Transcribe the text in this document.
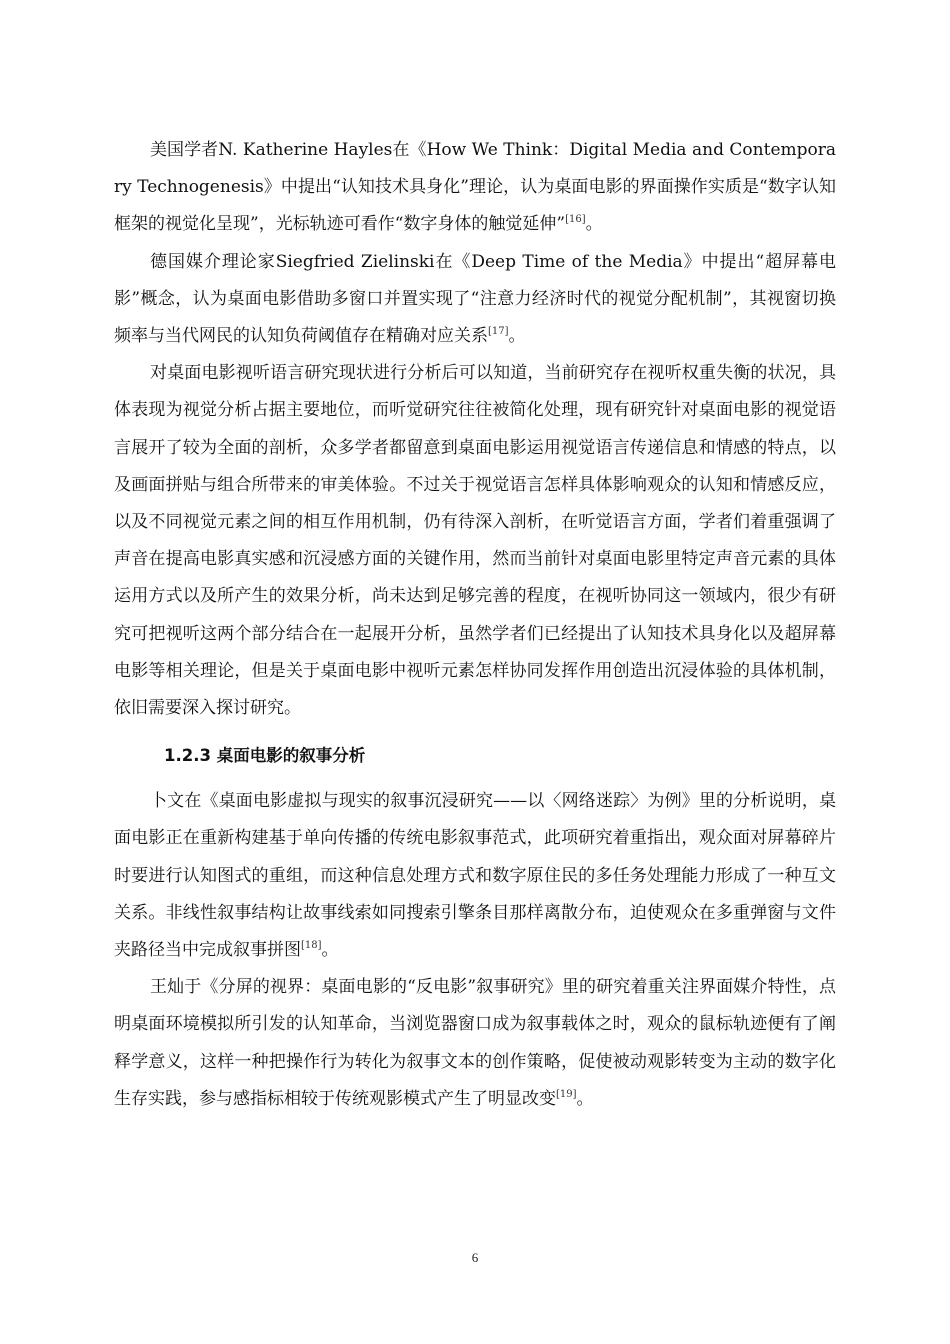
美国学者N. Katherine Hayles在《How We Think：Digital Media and Contemporary Technogenesis》中提出“认知技术具身化”理论，认为桌面电影的界面操作实质是“数字认知框架的视觉化呈现”，光标轨迹可看作“数字身体的触觉延伸”[16]。

德国媒介理论家Siegfried Zielinski在《Deep Time of the Media》中提出“超屏幕电影”概念，认为桌面电影借助多窗口并置实现了“注意力经济时代的视觉分配机制”，其视窗切换频率与当代网民的认知负荷阈值存在精确对应关系[17]。

对桌面电影视听语言研究现状进行分析后可以知道，当前研究存在视听权重失衡的状况，具体表现为视觉分析占据主要地位，而听觉研究往往被简化处理，现有研究针对桌面电影的视觉语言展开了较为全面的剖析，众多学者都留意到桌面电影运用视觉语言传递信息和情感的特点，以及画面拼贴与组合所带来的审美体验。不过关于视觉语言怎样具体影响观众的认知和情感反应，以及不同视觉元素之间的相互作用机制，仍有待深入剖析，在听觉语言方面，学者们着重强调了声音在提高电影真实感和沉浸感方面的关键作用，然而当前针对桌面电影里特定声音元素的具体运用方式以及所产生的效果分析，尚未达到足够完善的程度，在视听协同这一领域内，很少有研究可把视听这两个部分结合在一起展开分析，虽然学者们已经提出了认知技术具身化以及超屏幕电影等相关理论，但是关于桌面电影中视听元素怎样协同发挥作用创造出沉浸体验的具体机制，依旧需要深入探讨研究。

1.2.3 桌面电影的叙事分析

卜文在《桌面电影虚拟与现实的叙事沉浸研究——以〈网络迷踪〉为例》里的分析说明，桌面电影正在重新构建基于单向传播的传统电影叙事范式，此项研究着重指出，观众面对屏幕碎片时要进行认知图式的重组，而这种信息处理方式和数字原住民的多任务处理能力形成了一种互文关系。非线性叙事结构让故事线索如同搜索引擎条目那样离散分布，迫使观众在多重弹窗与文件夹路径当中完成叙事拼图[18]。

王灿于《分屏的视界：桌面电影的“反电影”叙事研究》里的研究着重关注界面媒介特性，点明桌面环境模拟所引发的认知革命，当浏览器窗口成为叙事载体之时，观众的鼠标轨迹便有了阐释学意义，这样一种把操作行为转化为叙事文本的创作策略，促使被动观影转变为主动的数字化生存实践，参与感指标相较于传统观影模式产生了明显改变[19]。

6
